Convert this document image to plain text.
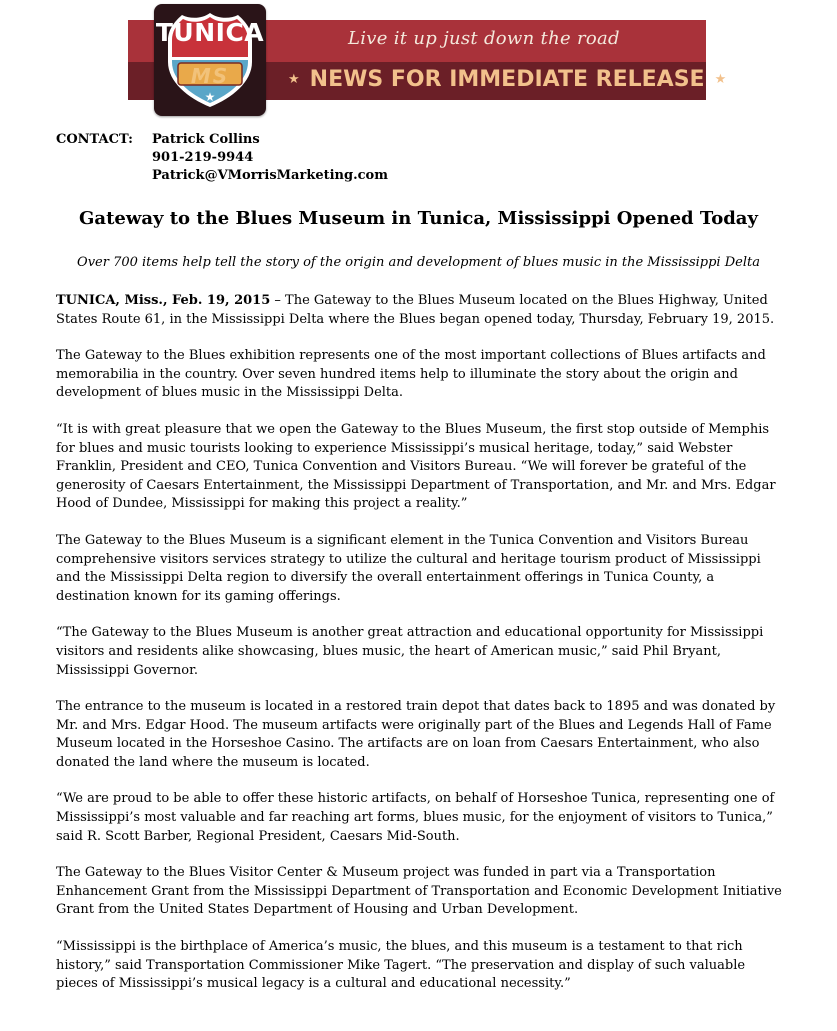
Live it up just down the road
★ NEWS FOR IMMEDIATE RELEASE ★
TUNICA
MS
★
CONTACT: Patrick Collins
901-219-9944
Patrick@VMorrisMarketing.com
Gateway to the Blues Museum in Tunica, Mississippi Opened Today
Over 700 items help tell the story of the origin and development of blues music in the Mississippi Delta

TUNICA, Miss., Feb. 19, 2015 – The Gateway to the Blues Museum located on the Blues Highway, United States Route 61, in the Mississippi Delta where the Blues began opened today, Thursday, February 19, 2015.

The Gateway to the Blues exhibition represents one of the most important collections of Blues artifacts and memorabilia in the country. Over seven hundred items help to illuminate the story about the origin and development of blues music in the Mississippi Delta.

“It is with great pleasure that we open the Gateway to the Blues Museum, the first stop outside of Memphis for blues and music tourists looking to experience Mississippi’s musical heritage, today,” said Webster Franklin, President and CEO, Tunica Convention and Visitors Bureau. “We will forever be grateful of the generosity of Caesars Entertainment, the Mississippi Department of Transportation, and Mr. and Mrs. Edgar Hood of Dundee, Mississippi for making this project a reality.”

The Gateway to the Blues Museum is a significant element in the Tunica Convention and Visitors Bureau comprehensive visitors services strategy to utilize the cultural and heritage tourism product of Mississippi and the Mississippi Delta region to diversify the overall entertainment offerings in Tunica County, a destination known for its gaming offerings.

“The Gateway to the Blues Museum is another great attraction and educational opportunity for Mississippi visitors and residents alike showcasing, blues music, the heart of American music,” said Phil Bryant, Mississippi Governor.

The entrance to the museum is located in a restored train depot that dates back to 1895 and was donated by Mr. and Mrs. Edgar Hood. The museum artifacts were originally part of the Blues and Legends Hall of Fame Museum located in the Horseshoe Casino. The artifacts are on loan from Caesars Entertainment, who also donated the land where the museum is located.

“We are proud to be able to offer these historic artifacts, on behalf of Horseshoe Tunica, representing one of Mississippi’s most valuable and far reaching art forms, blues music, for the enjoyment of visitors to Tunica,” said R. Scott Barber, Regional President, Caesars Mid-South.

The Gateway to the Blues Visitor Center & Museum project was funded in part via a Transportation Enhancement Grant from the Mississippi Department of Transportation and Economic Development Initiative Grant from the United States Department of Housing and Urban Development.

“Mississippi is the birthplace of America’s music, the blues, and this museum is a testament to that rich history,” said Transportation Commissioner Mike Tagert. “The preservation and display of such valuable pieces of Mississippi’s musical legacy is a cultural and educational necessity.”
